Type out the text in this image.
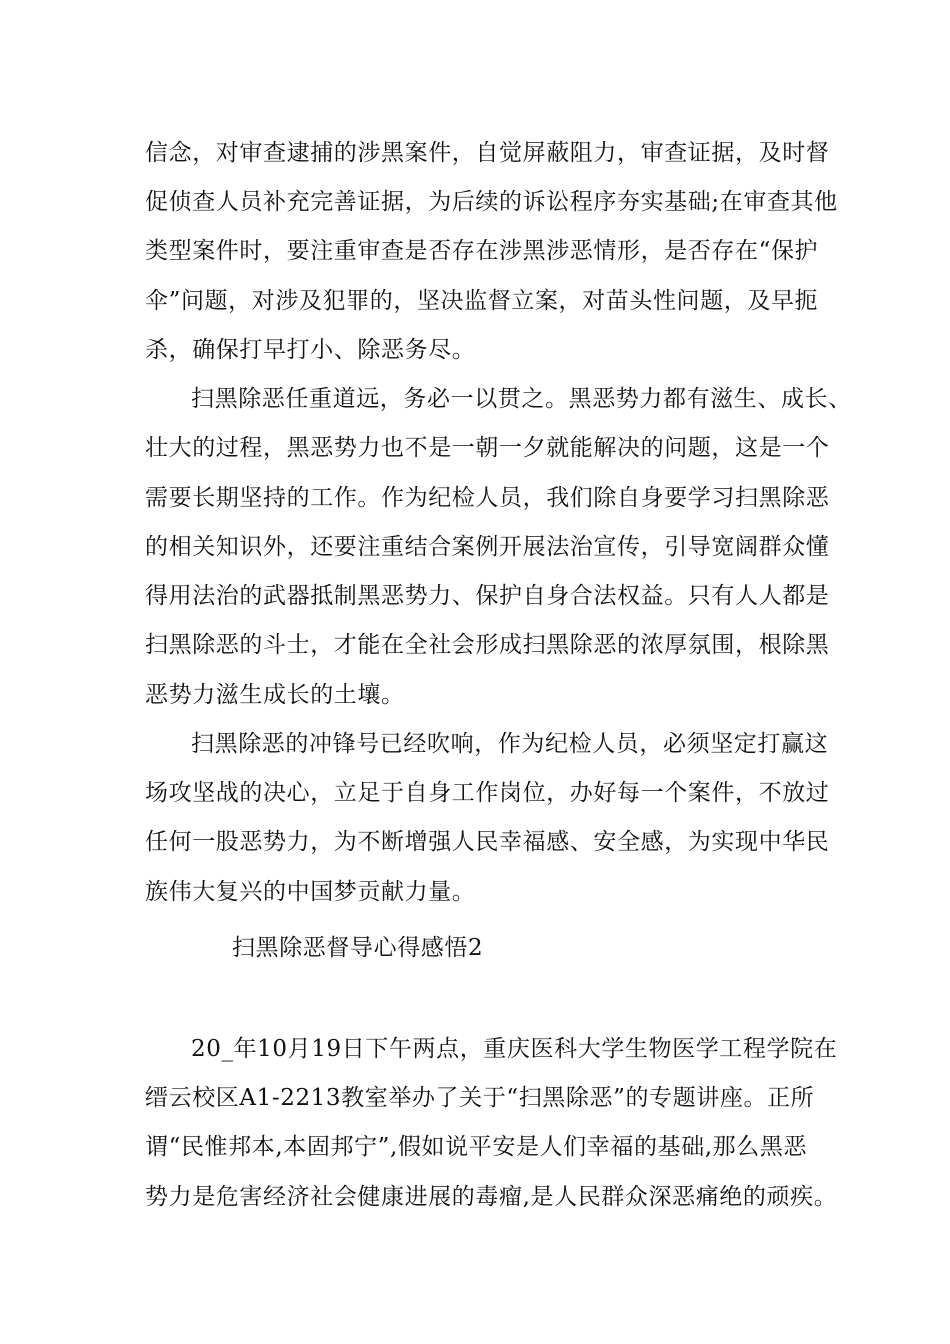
信念，对审查逮捕的涉黑案件，自觉屏蔽阻力，审查证据，及时督
促侦查人员补充完善证据，为后续的诉讼程序夯实基础;在审查其他
类型案件时，要注重审查是否存在涉黑涉恶情形，是否存在“保护
伞”问题，对涉及犯罪的，坚决监督立案，对苗头性问题，及早扼
杀，确保打早打小、除恶务尽。
扫黑除恶任重道远，务必一以贯之。黑恶势力都有滋生、成长、
壮大的过程，黑恶势力也不是一朝一夕就能解决的问题，这是一个
需要长期坚持的工作。作为纪检人员，我们除自身要学习扫黑除恶
的相关知识外，还要注重结合案例开展法治宣传，引导宽阔群众懂
得用法治的武器抵制黑恶势力、保护自身合法权益。只有人人都是
扫黑除恶的斗士，才能在全社会形成扫黑除恶的浓厚氛围，根除黑
恶势力滋生成长的土壤。
扫黑除恶的冲锋号已经吹响，作为纪检人员，必须坚定打赢这
场攻坚战的决心，立足于自身工作岗位，办好每一个案件，不放过
任何一股恶势力，为不断增强人民幸福感、安全感，为实现中华民
族伟大复兴的中国梦贡献力量。
扫黑除恶督导心得感悟2
20_年10月19日下午两点，重庆医科大学生物医学工程学院在
缙云校区A1-2213教室举办了关于“扫黑除恶”的专题讲座。正所
谓“民惟邦本,本固邦宁”,假如说平安是人们幸福的基础,那么黑恶
势力是危害经济社会健康进展的毒瘤,是人民群众深恶痛绝的顽疾。
